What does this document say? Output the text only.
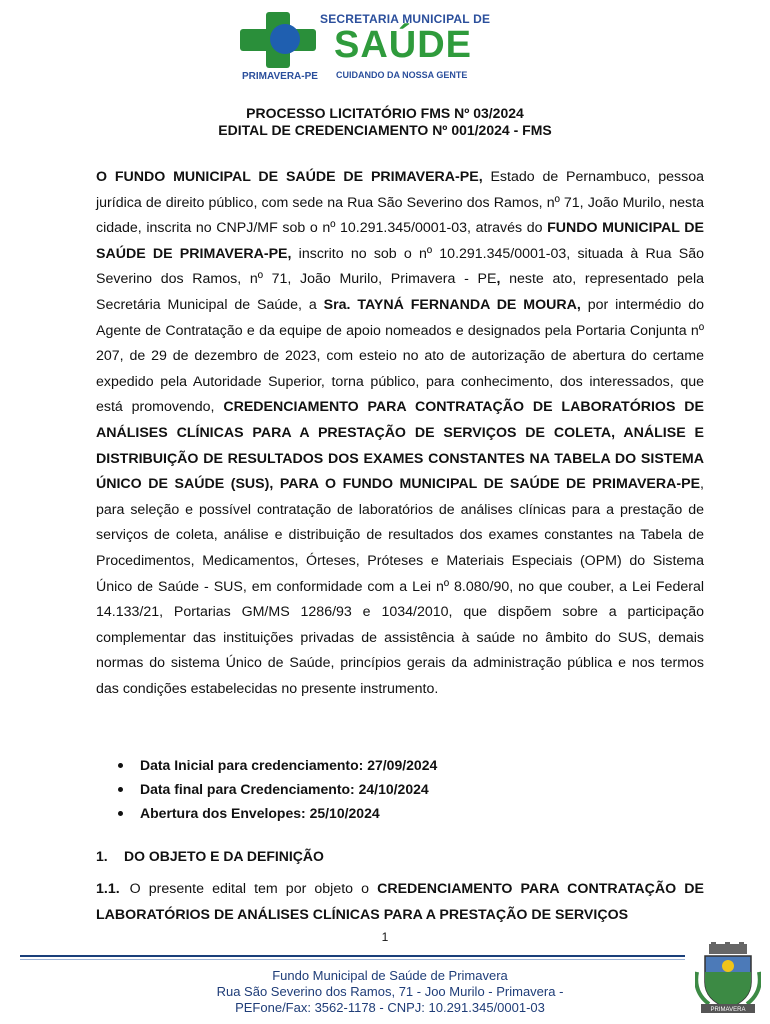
PRIMAVERA-PE
SECRETARIA MUNICIPAL DE
SAÚDE
CUIDANDO DA NOSSA GENTE
PROCESSO LICITATÓRIO FMS Nº 03/2024
EDITAL DE CREDENCIAMENTO Nº 001/2024 - FMS
O FUNDO MUNICIPAL DE SAÚDE DE PRIMAVERA-PE, Estado de Pernambuco, pessoa jurídica de direito público, com sede na Rua São Severino dos Ramos, nº 71, João Murilo, nesta cidade, inscrita no CNPJ/MF sob o nº 10.291.345/0001-03, através do FUNDO MUNICIPAL DE SAÚDE DE PRIMAVERA-PE, inscrito no sob o nº 10.291.345/0001-03, situada à Rua São Severino dos Ramos, nº 71, João Murilo, Primavera - PE, neste ato, representado pela Secretária Municipal de Saúde, a Sra. TAYNÁ FERNANDA DE MOURA, por intermédio do Agente de Contratação e da equipe de apoio nomeados e designados pela Portaria Conjunta nº 207, de 29 de dezembro de 2023, com esteio no ato de autorização de abertura do certame expedido pela Autoridade Superior, torna público, para conhecimento, dos interessados, que está promovendo, CREDENCIAMENTO PARA CONTRATAÇÃO DE LABORATÓRIOS DE ANÁLISES CLÍNICAS PARA A PRESTAÇÃO DE SERVIÇOS DE COLETA, ANÁLISE E DISTRIBUIÇÃO DE RESULTADOS DOS EXAMES CONSTANTES NA TABELA DO SISTEMA ÚNICO DE SAÚDE (SUS), PARA O FUNDO MUNICIPAL DE SAÚDE DE PRIMAVERA-PE, para seleção e possível contratação de laboratórios de análises clínicas para a prestação de serviços de coleta, análise e distribuição de resultados dos exames constantes na Tabela de Procedimentos, Medicamentos, Órteses, Próteses e Materiais Especiais (OPM) do Sistema Único de Saúde - SUS, em conformidade com a Lei nº 8.080/90, no que couber, a Lei Federal 14.133/21, Portarias GM/MS 1286/93 e 1034/2010, que dispõem sobre a participação complementar das instituições privadas de assistência à saúde no âmbito do SUS, demais normas do sistema Único de Saúde, princípios gerais da administração pública e nos termos das condições estabelecidas no presente instrumento.
Data Inicial para credenciamento: 27/09/2024
Data final para Credenciamento: 24/10/2024
Abertura dos Envelopes: 25/10/2024
1. DO OBJETO E DA DEFINIÇÃO
1.1. O presente edital tem por objeto o CREDENCIAMENTO PARA CONTRATAÇÃO DE LABORATÓRIOS DE ANÁLISES CLÍNICAS PARA A PRESTAÇÃO DE SERVIÇOS
1
Fundo Municipal de Saúde de Primavera
Rua São Severino dos Ramos, 71 - Joo Murilo - Primavera -
PEFone/Fax: 3562-1178 - CNPJ: 10.291.345/0001-03	PRIMAVERA
